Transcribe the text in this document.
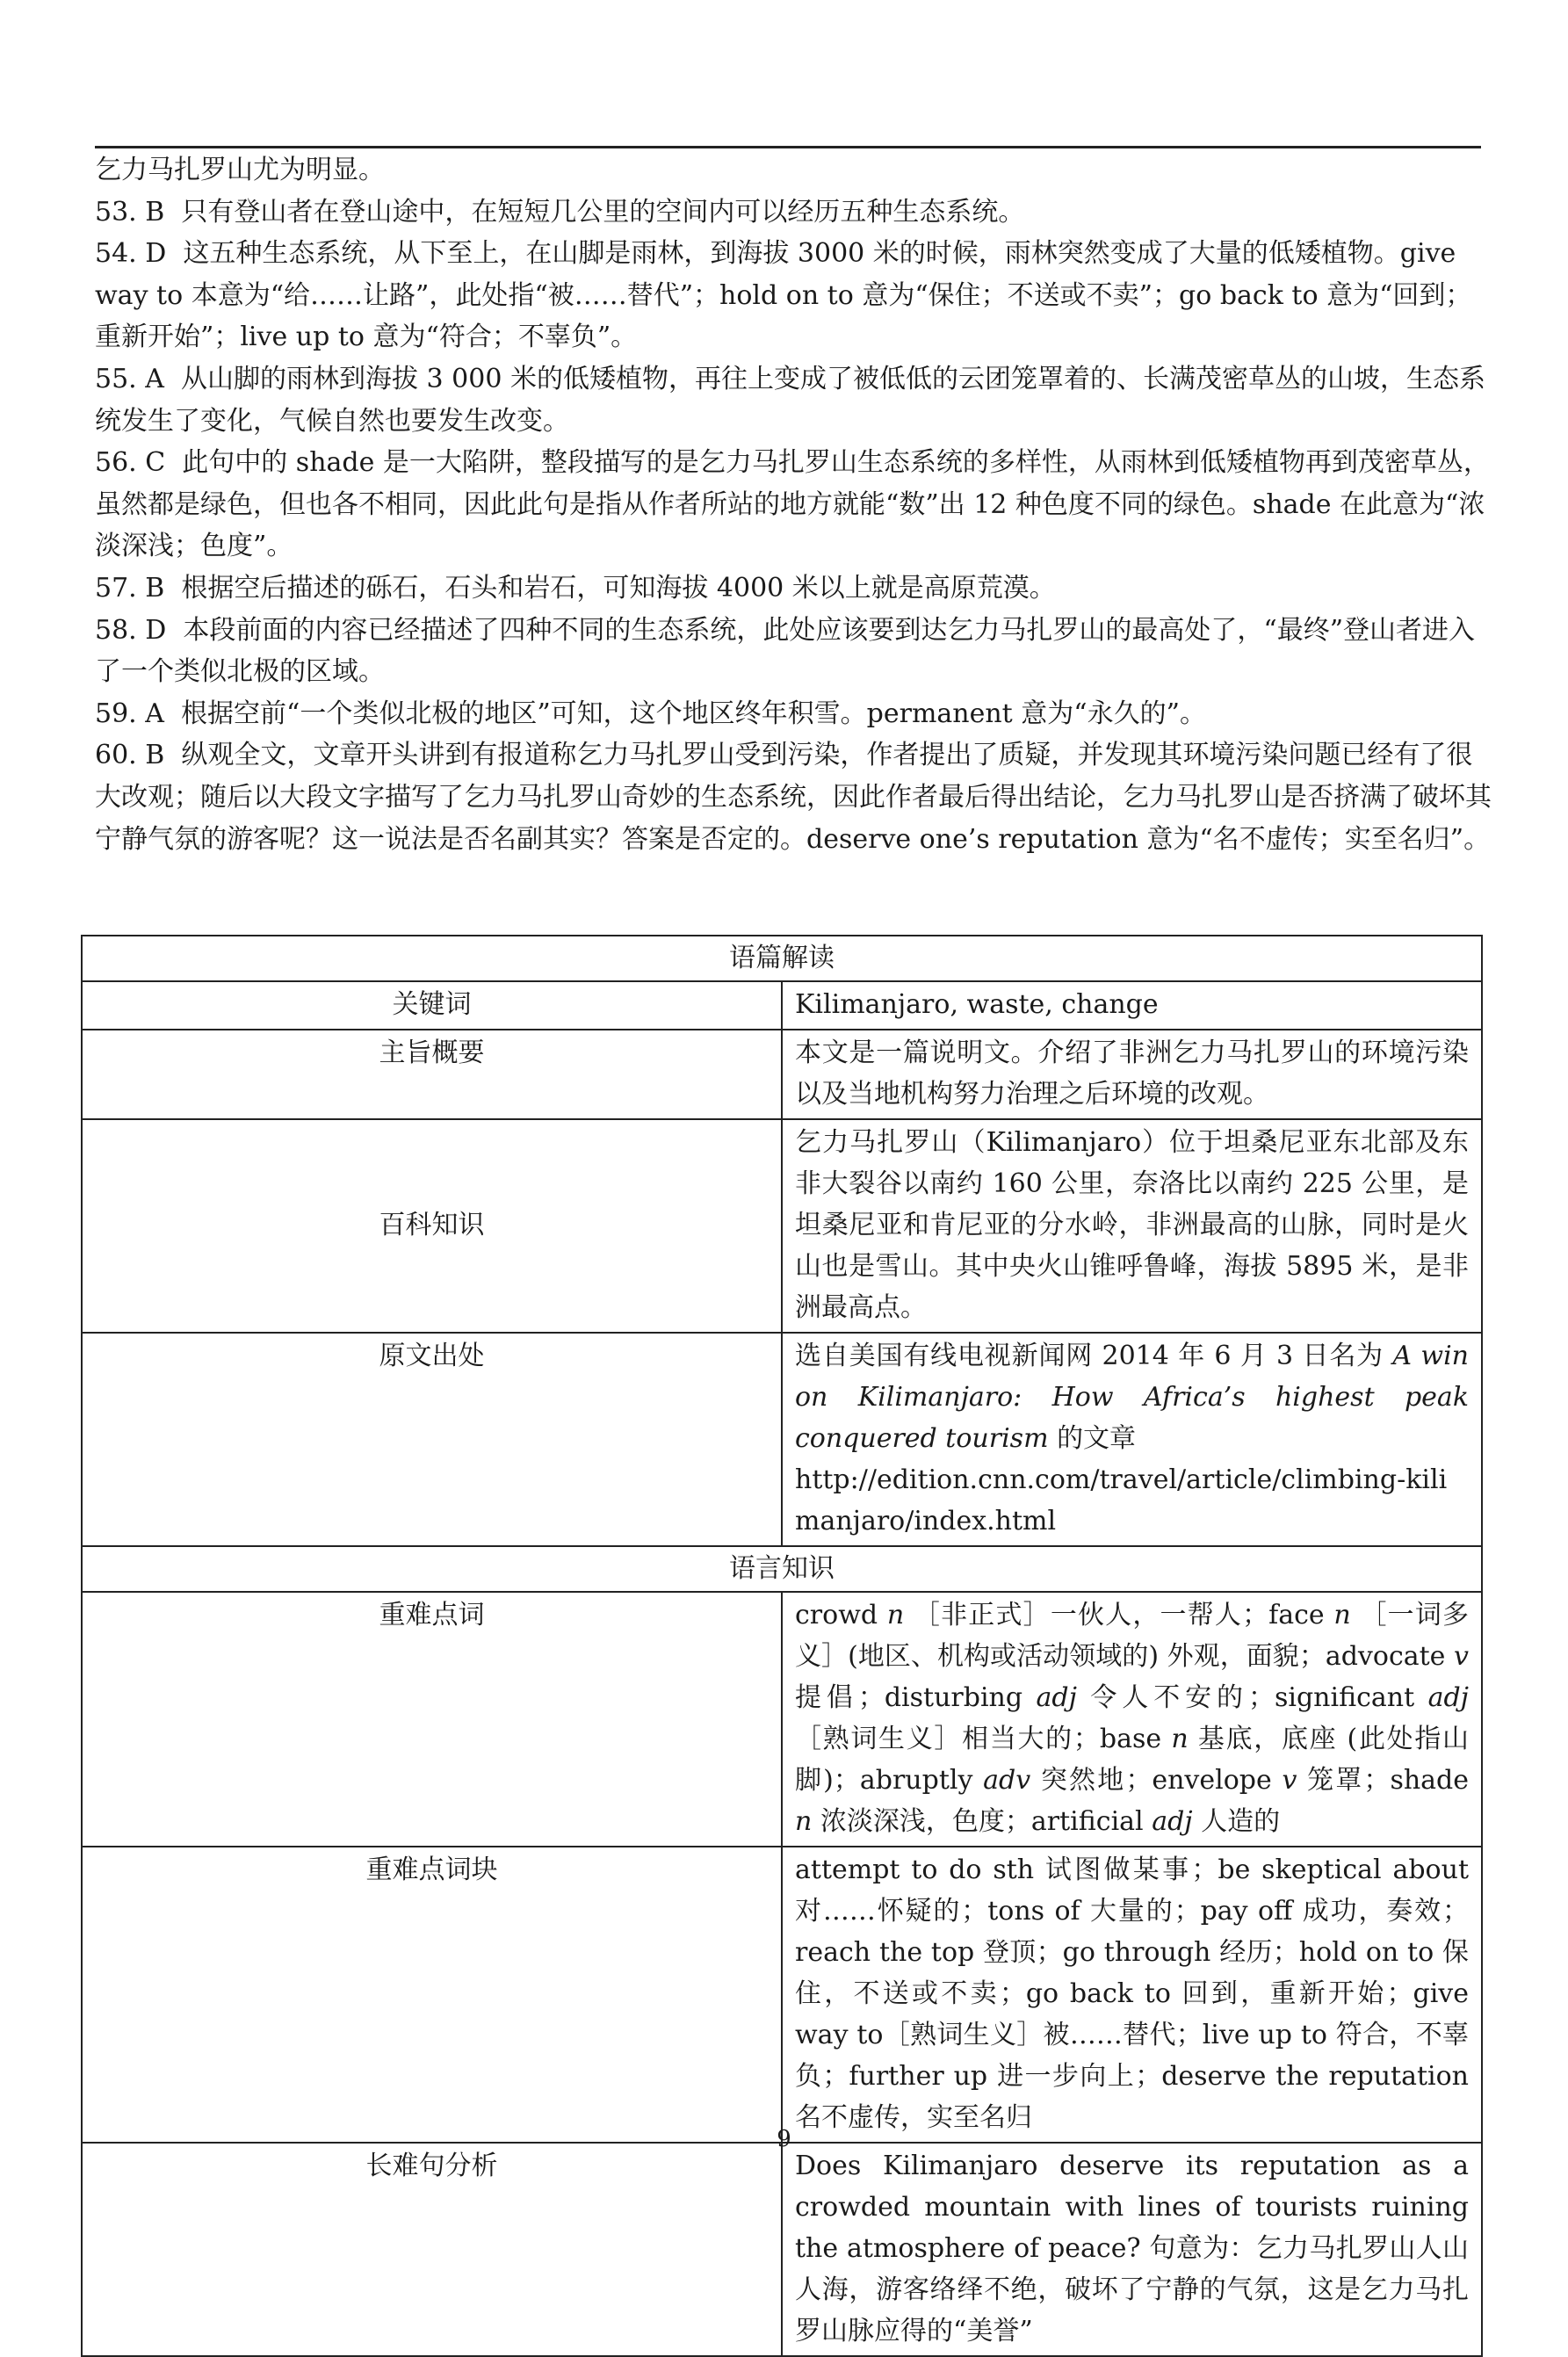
乞力马扎罗山尤为明显。

53. B  只有登山者在登山途中，在短短几公里的空间内可以经历五种生态系统。

54. D  这五种生态系统，从下至上，在山脚是雨林，到海拔 3000 米的时候，雨林突然变成了大量的低矮植物。give way to 本意为“给……让路”，此处指“被……替代”；hold on to 意为“保住；不送或不卖”；go back to 意为“回到；重新开始”；live up to 意为“符合；不辜负”。

55. A  从山脚的雨林到海拔 3 000 米的低矮植物，再往上变成了被低低的云团笼罩着的、长满茂密草丛的山坡，生态系统发生了变化，气候自然也要发生改变。

56. C  此句中的 shade 是一大陷阱，整段描写的是乞力马扎罗山生态系统的多样性，从雨林到低矮植物再到茂密草丛，虽然都是绿色，但也各不相同，因此此句是指从作者所站的地方就能“数”出 12 种色度不同的绿色。shade 在此意为“浓淡深浅；色度”。

57. B  根据空后描述的砾石，石头和岩石，可知海拔 4000 米以上就是高原荒漠。

58. D  本段前面的内容已经描述了四种不同的生态系统，此处应该要到达乞力马扎罗山的最高处了，“最终”登山者进入了一个类似北极的区域。

59. A  根据空前“一个类似北极的地区”可知，这个地区终年积雪。permanent 意为“永久的”。

60. B  纵观全文，文章开头讲到有报道称乞力马扎罗山受到污染，作者提出了质疑，并发现其环境污染问题已经有了很大改观；随后以大段文字描写了乞力马扎罗山奇妙的生态系统，因此作者最后得出结论，乞力马扎罗山是否挤满了破坏其宁静气氛的游客呢？这一说法是否名副其实？答案是否定的。deserve one’s reputation 意为“名不虚传；实至名归”。

语篇解读	
关键词	Kilimanjaro, waste, change
主旨概要	本文是一篇说明文。介绍了非洲乞力马扎罗山的环境污染以及当地机构努力治理之后环境的改观。
百科知识	乞力马扎罗山（Kilimanjaro）位于坦桑尼亚东北部及东非大裂谷以南约 160 公里，奈洛比以南约 225 公里，是坦桑尼亚和肯尼亚的分水岭，非洲最高的山脉，同时是火山也是雪山。其中央火山锥呼鲁峰，海拔 5895 米，是非洲最高点。
原文出处	选自美国有线电视新闻网 2014 年 6 月 3 日名为 A win on Kilimanjaro: How Africa’s highest peak conquered tourism 的文章
http://edition.cnn.com/travel/article/climbing-kilimanjaro/index.html
语言知识	
重难点词	crowd n ［非正式］一伙人，一帮人；face n ［一词多义］(地区、机构或活动领域的) 外观，面貌；advocate v 提倡；disturbing adj 令人不安的；significant adj ［熟词生义］相当大的；base n 基底，底座 (此处指山脚)；abruptly adv 突然地；envelope v 笼罩；shade n 浓淡深浅，色度；artificial adj 人造的
重难点词块	attempt to do sth 试图做某事；be skeptical about 对……怀疑的；tons of 大量的；pay off 成功，奏效；reach the top 登顶；go through 经历；hold on to 保住，不送或不卖；go back to 回到，重新开始；give way to［熟词生义］被……替代；live up to 符合，不辜负；further up 进一步向上；deserve the reputation 名不虚传，实至名归
长难句分析	Does Kilimanjaro deserve its reputation as a crowded mountain with lines of tourists ruining the atmosphere of peace? 句意为：乞力马扎罗山人山人海，游客络绎不绝，破坏了宁静的气氛，这是乞力马扎罗山脉应得的“美誉”
9
